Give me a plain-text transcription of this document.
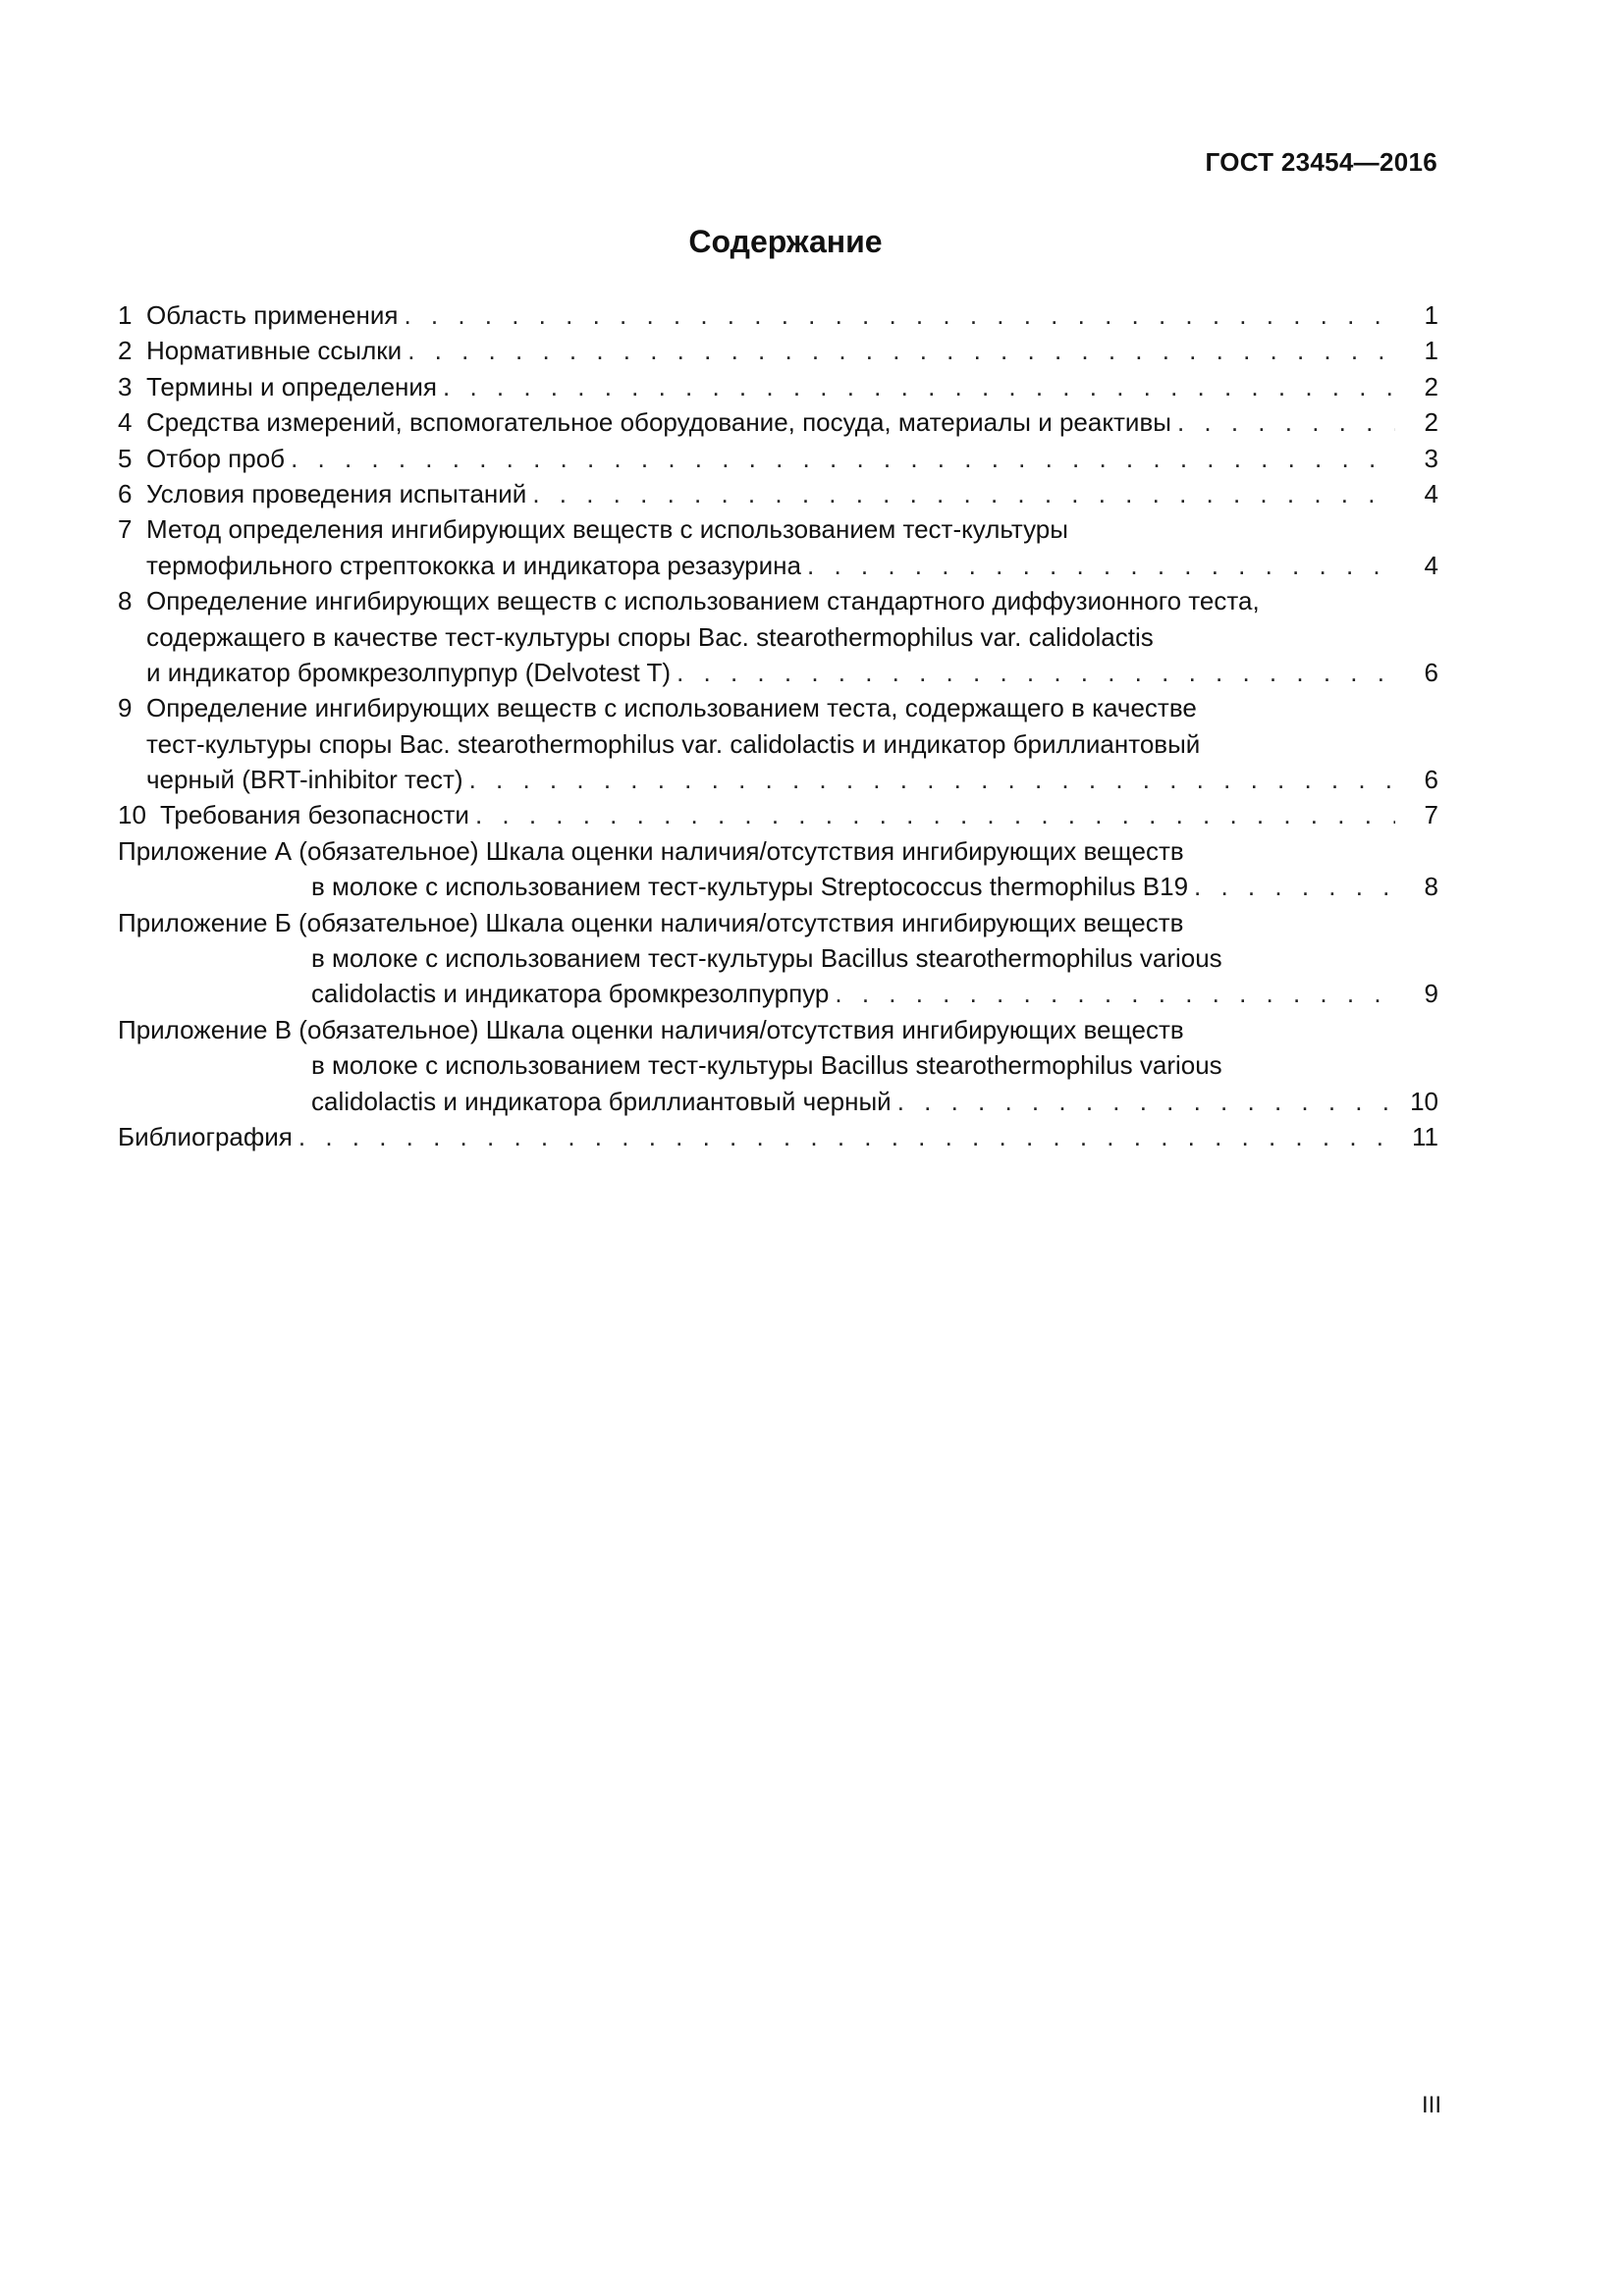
ГОСТ 23454—2016
Содержание
1 Область применения . . .	1
2 Нормативные ссылки . . .	1
3 Термины и определения . . .	2
4 Средства измерений, вспомогательное оборудование, посуда, материалы и реактивы . . .	2
5 Отбор проб . . .	3
6 Условия проведения испытаний . . .	4
7 Метод определения ингибирующих веществ с использованием тест-культуры
термофильного стрептококка и индикатора резазурина . . .	4
8 Определение ингибирующих веществ с использованием стандартного диффузионного теста,
содержащего в качестве тест-культуры споры Bac. stearothermophilus var. calidolactis
и индикатор бромкрезолпурпур (Delvotest T) . . .	6
9 Определение ингибирующих веществ с использованием теста, содержащего в качестве
тест-культуры споры Bac. stearothermophilus var. calidolactis и индикатор бриллиантовый
черный (BRT-inhibitor тест) . . .	6
10 Требования безопасности . . .	7
Приложение А (обязательное) Шкала оценки наличия/отсутствия ингибирующих веществ
в молоке с использованием тест-культуры Streptococcus thermophilus B19 . . .	8
Приложение Б (обязательное) Шкала оценки наличия/отсутствия ингибирующих веществ
в молоке с использованием тест-культуры Bacillus stearothermophilus various
calidolactis и индикатора бромкрезолпурпур . . .	9
Приложение В (обязательное) Шкала оценки наличия/отсутствия ингибирующих веществ
в молоке с использованием тест-культуры Bacillus stearothermophilus various
calidolactis и индикатора бриллиантовый черный . . .	10
Библиография . . .	11
III
